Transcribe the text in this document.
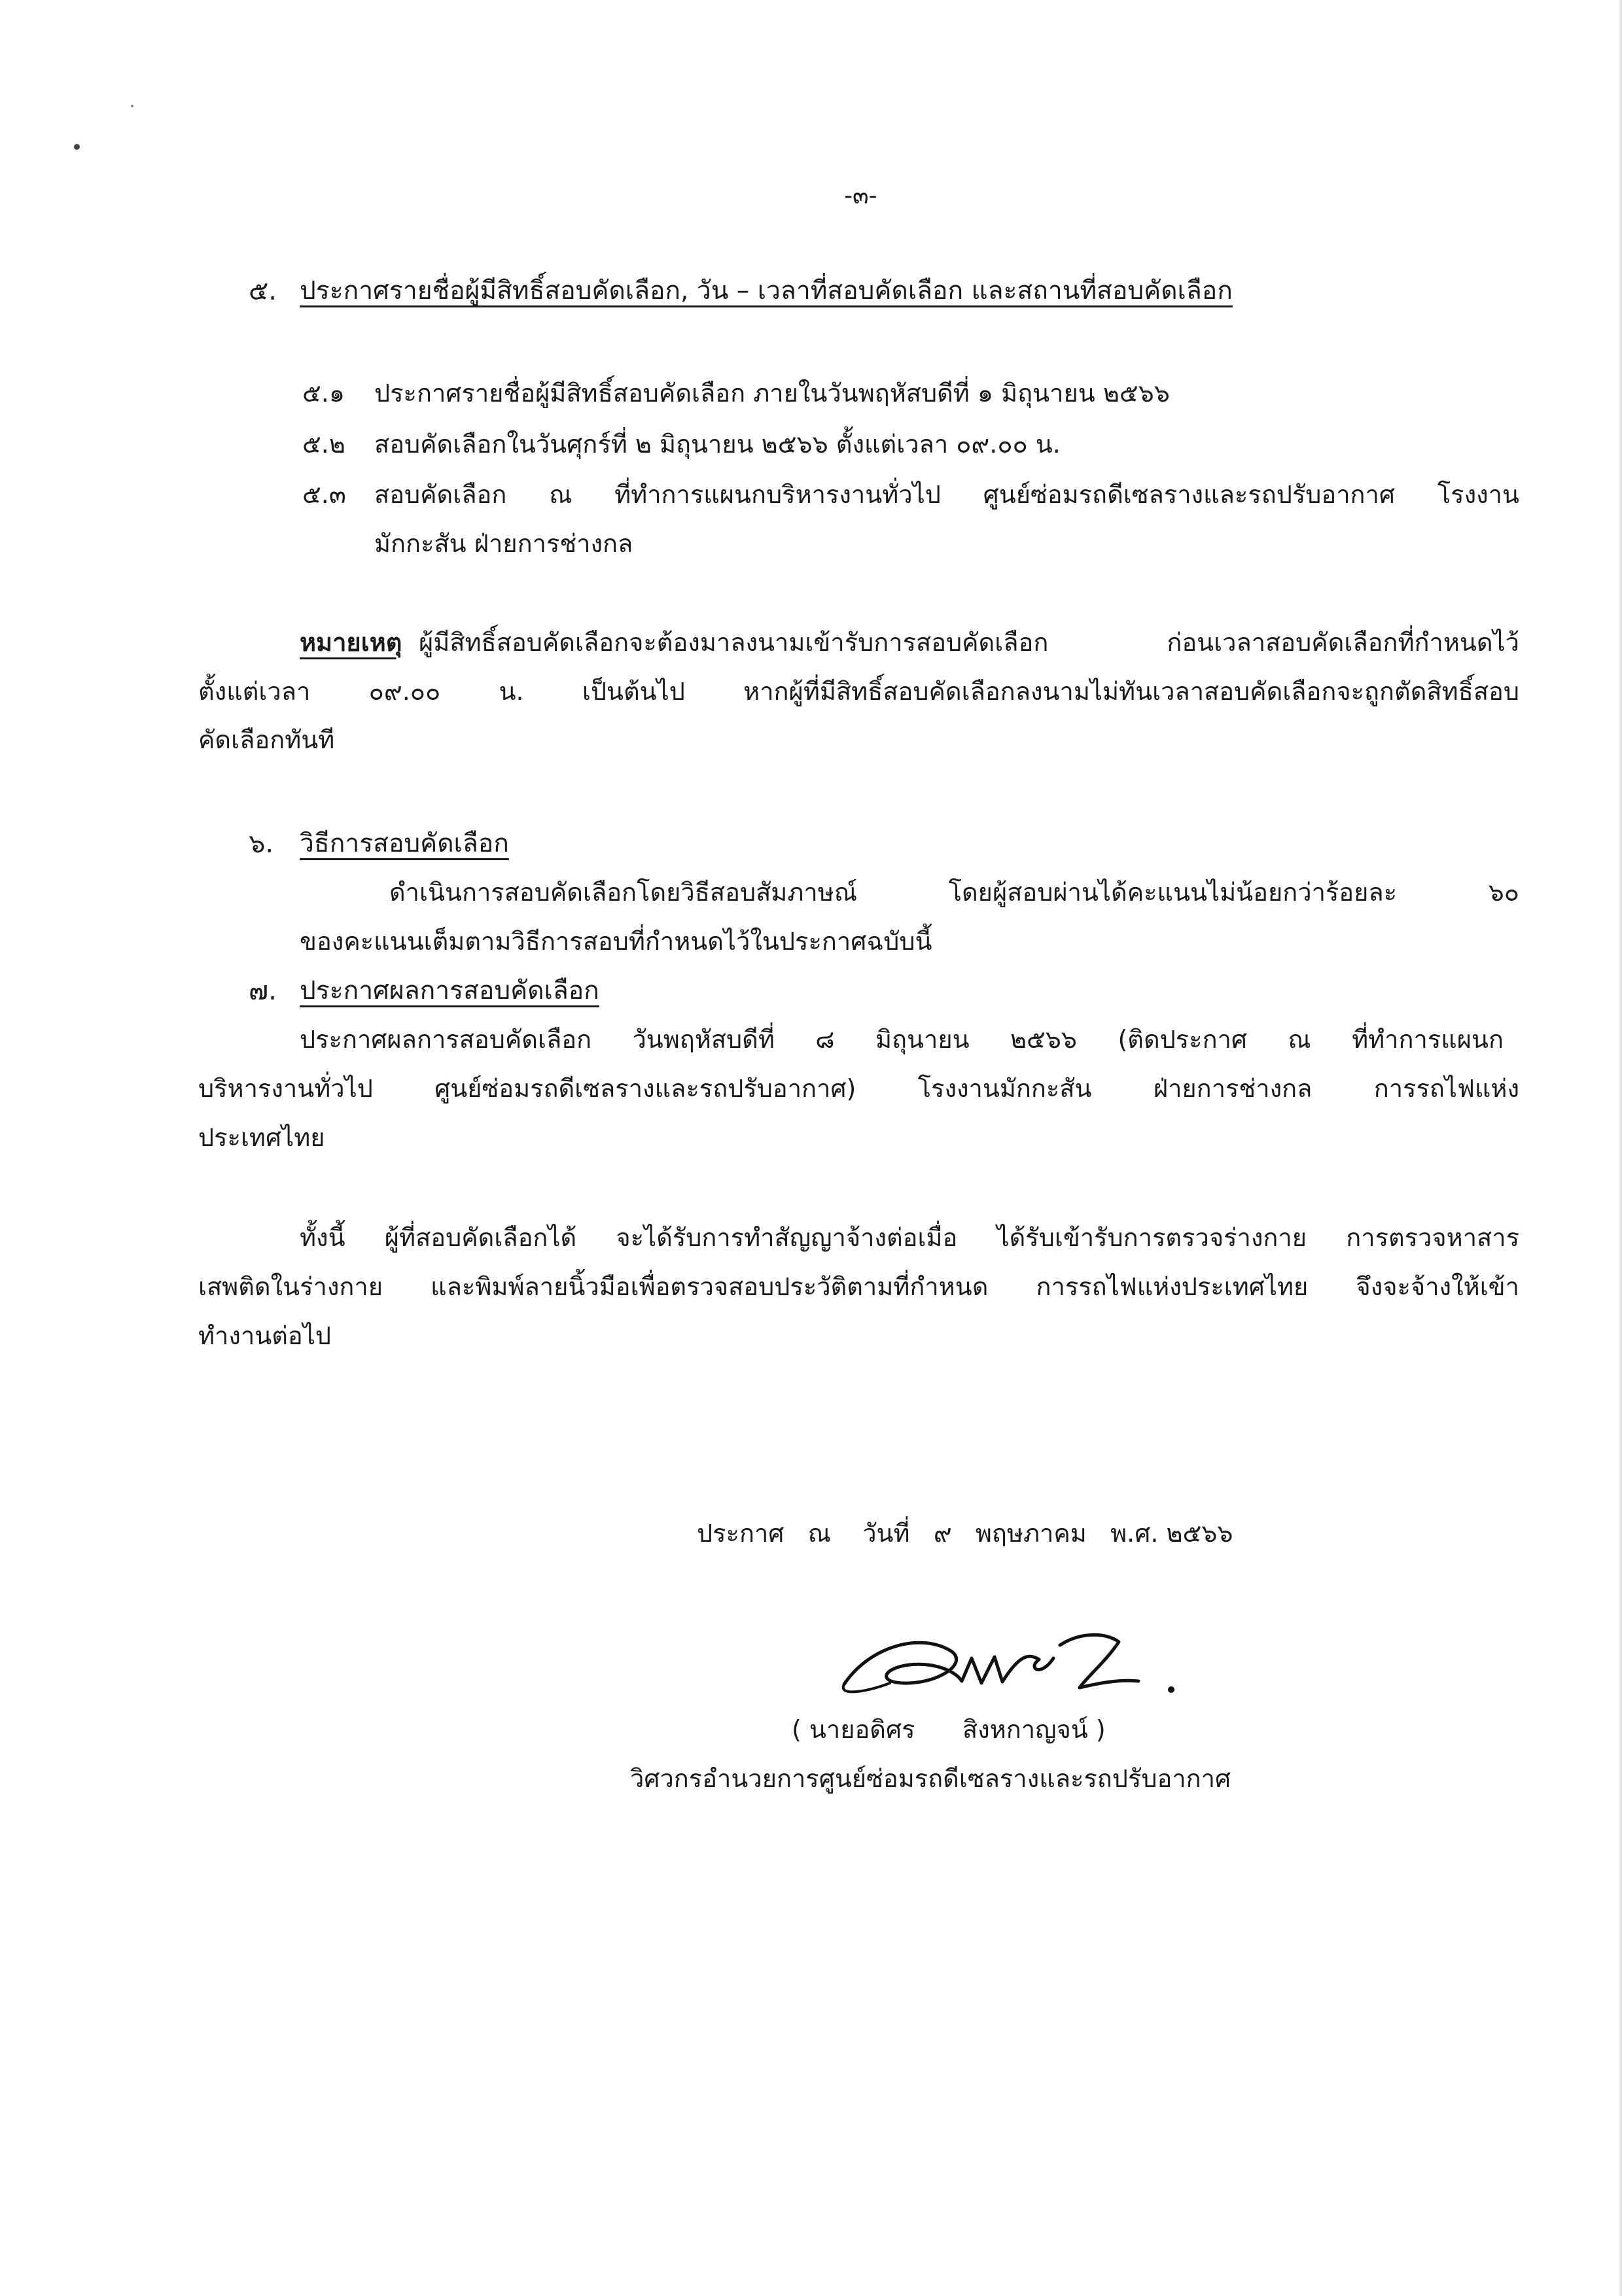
-๓-
๕. ประกาศรายชื่อผู้มีสิทธิ์สอบคัดเลือก, วัน – เวลาที่สอบคัดเลือก และสถานที่สอบคัดเลือก
๕.๑ ประกาศรายชื่อผู้มีสิทธิ์สอบคัดเลือก ภายในวันพฤหัสบดีที่ ๑ มิถุนายน ๒๕๖๖
๕.๒ สอบคัดเลือกในวันศุกร์ที่ ๒ มิถุนายน ๒๕๖๖ ตั้งแต่เวลา ๐๙.๐๐ น.
๕.๓ สอบคัดเลือก ณ ที่ทำการแผนกบริหารงานทั่วไป ศูนย์ซ่อมรถดีเซลรางและรถปรับอากาศ โรงงาน
มักกะสัน ฝ่ายการช่างกล
หมายเหตุ ผู้มีสิทธิ์สอบคัดเลือกจะต้องมาลงนามเข้ารับการสอบคัดเลือก ก่อนเวลาสอบคัดเลือกที่กำหนดไว้
ตั้งแต่เวลา ๐๙.๐๐ น. เป็นต้นไป หากผู้ที่มีสิทธิ์สอบคัดเลือกลงนามไม่ทันเวลาสอบคัดเลือกจะถูกตัดสิทธิ์สอบ
คัดเลือกทันที
๖. วิธีการสอบคัดเลือก
ดำเนินการสอบคัดเลือกโดยวิธีสอบสัมภาษณ์ โดยผู้สอบผ่านได้คะแนนไม่น้อยกว่าร้อยละ ๖๐
ของคะแนนเต็มตามวิธีการสอบที่กำหนดไว้ในประกาศฉบับนี้
๗. ประกาศผลการสอบคัดเลือก
ประกาศผลการสอบคัดเลือก วันพฤหัสบดีที่ ๘ มิถุนายน ๒๕๖๖ (ติดประกาศ ณ ที่ทำการแผนก
บริหารงานทั่วไป ศูนย์ซ่อมรถดีเซลรางและรถปรับอากาศ) โรงงานมักกะสัน ฝ่ายการช่างกล การรถไฟแห่ง
ประเทศไทย
ทั้งนี้ ผู้ที่สอบคัดเลือกได้ จะได้รับการทำสัญญาจ้างต่อเมื่อ ได้รับเข้ารับการตรวจร่างกาย การตรวจหาสาร
เสพติดในร่างกาย และพิมพ์ลายนิ้วมือเพื่อตรวจสอบประวัติตามที่กำหนด การรถไฟแห่งประเทศไทย จึงจะจ้างให้เข้า
ทำงานต่อไป
ประกาศ   ณ    วันที่   ๙   พฤษภาคม   พ.ศ. ๒๕๖๖
( นายอดิศร      สิงหกาญจน์ )
วิศวกรอำนวยการศูนย์ซ่อมรถดีเซลรางและรถปรับอากาศ
